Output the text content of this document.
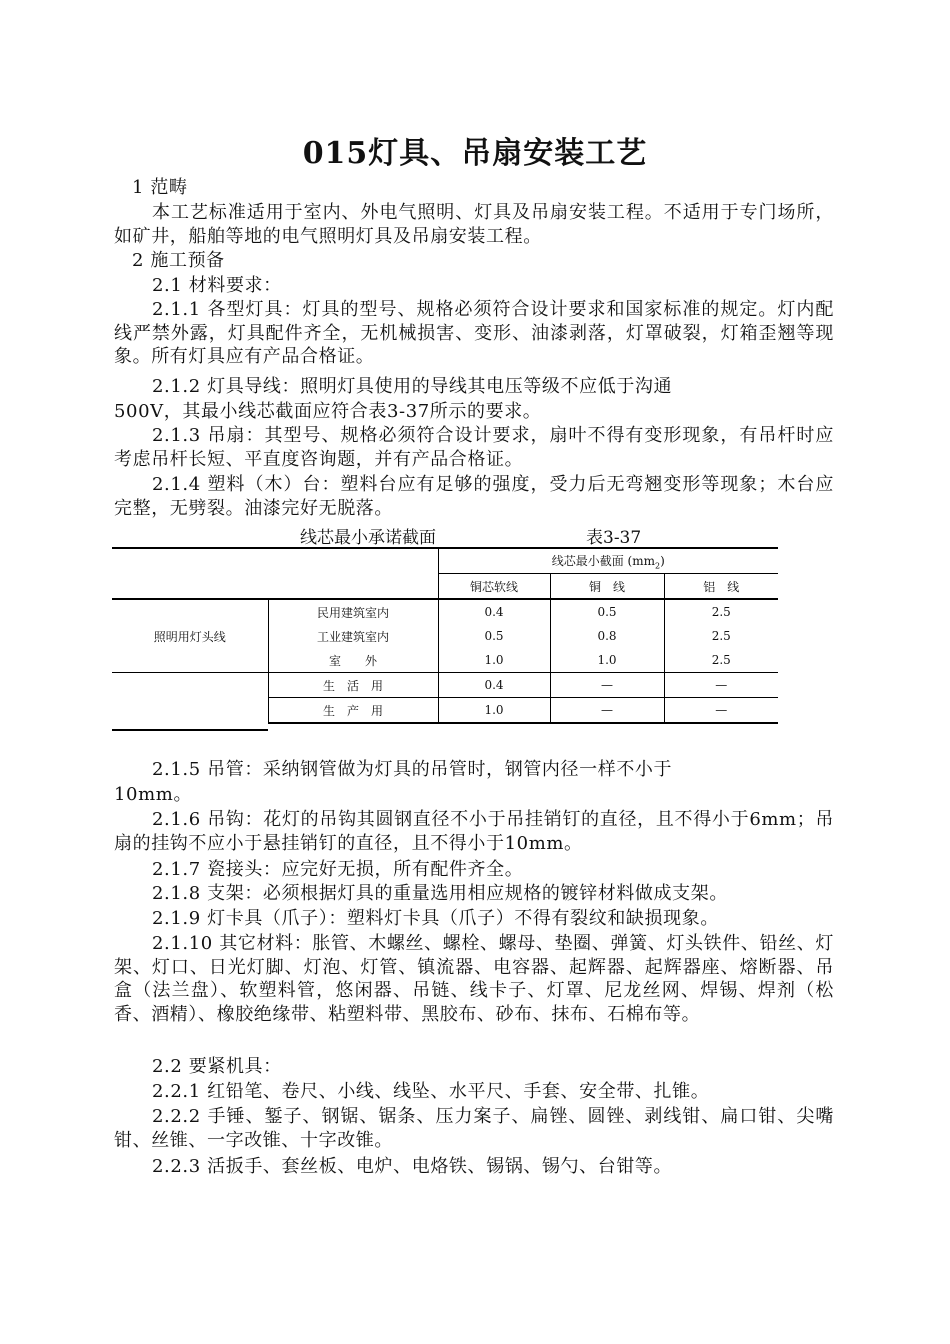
015灯具、吊扇安装工艺
1 范畴

本工艺标准适用于室内、外电气照明、灯具及吊扇安装工程。不适用于专门场所，如矿井，船舶等地的电气照明灯具及吊扇安装工程。

2 施工预备
2.1 材料要求：

2.1.1 各型灯具：灯具的型号、规格必须符合设计要求和国家标准的规定。灯内配线严禁外露，灯具配件齐全，无机械损害、变形、油漆剥落，灯罩破裂，灯箱歪翘等现象。所有灯具应有产品合格证。

2.1.2 灯具导线：照明灯具使用的导线其电压等级不应低于沟通
500V，其最小线芯截面应符合表3-37所示的要求。

2.1.3 吊扇：其型号、规格必须符合设计要求，扇叶不得有变形现象，有吊杆时应考虑吊杆长短、平直度咨询题，并有产品合格证。

2.1.4 塑料（木）台：塑料台应有足够的强度，受力后无弯翘变形等现象；木台应完整，无劈裂。油漆完好无脱落。

线芯最小承诺截面	表3-37
		线芯最小截面 $(mm_2)$		
		铜芯软线	铜　线	铝　线
照明用灯头线	民用建筑室内	0.4	0.5	2.5
	工业建筑室内	0.5	0.8	2.5
	室　　外	1.0	1.0	2.5
	生　活　用	0.4	—	—
	生　产　用	1.0	—	—
2.1.5 吊管：采纳钢管做为灯具的吊管时，钢管内径一样不小于
10mm。

2.1.6 吊钩：花灯的吊钩其圆钢直径不小于吊挂销钉的直径，且不得小于6mm；吊扇的挂钩不应小于悬挂销钉的直径，且不得小于10mm。

2.1.7 瓷接头：应完好无损，所有配件齐全。
2.1.8 支架：必须根据灯具的重量选用相应规格的镀锌材料做成支架。
2.1.9 灯卡具（爪子）：塑料灯卡具（爪子）不得有裂纹和缺损现象。

2.1.10 其它材料：胀管、木螺丝、螺栓、螺母、垫圈、弹簧、灯头铁件、铅丝、灯架、灯口、日光灯脚、灯泡、灯管、镇流器、电容器、起辉器、起辉器座、熔断器、吊盒（法兰盘）、软塑料管，悠闲器、吊链、线卡子、灯罩、尼龙丝网、焊锡、焊剂（松香、酒精）、橡胶绝缘带、粘塑料带、黑胶布、砂布、抹布、石棉布等。

2.2 要紧机具：
2.2.1 红铅笔、卷尺、小线、线坠、水平尺、手套、安全带、扎锥。

2.2.2 手锤、錾子、钢锯、锯条、压力案子、扁锉、圆锉、剥线钳、扁口钳、尖嘴钳、丝锥、一字改锥、十字改锥。

2.2.3 活扳手、套丝板、电炉、电烙铁、锡锅、锡勺、台钳等。
